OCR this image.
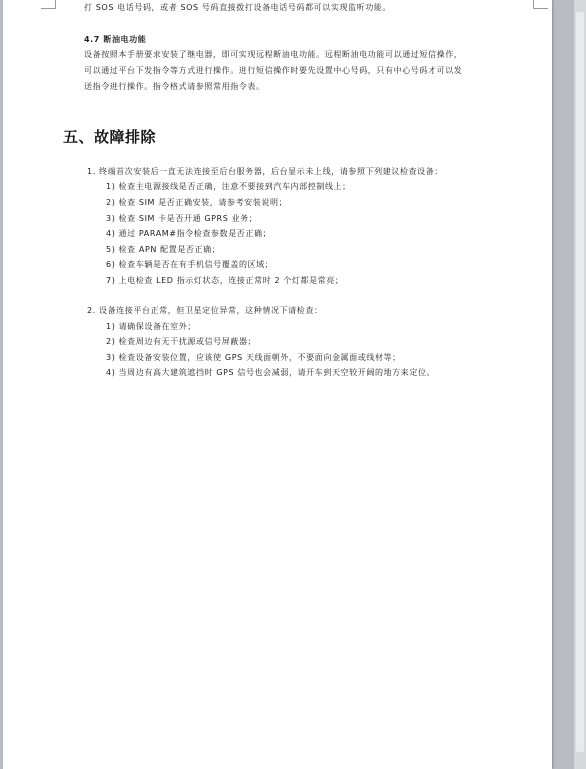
打 SOS 电话号码，或者 SOS 号码直接拨打设备电话号码都可以实现监听功能。
4.7 断油电功能
设备按照本手册要求安装了继电器，即可实现远程断油电功能。远程断油电功能可以通过短信操作，
可以通过平台下发指令等方式进行操作。进行短信操作时要先设置中心号码，只有中心号码才可以发
送指令进行操作。指令格式请参照常用指令表。
五、故障排除
1. 终端首次安装后一直无法连接至后台服务器，后台显示未上线，请参照下列建议检查设备：
1) 检查主电源接线是否正确，注意不要接到汽车内部控制线上；
2) 检查 SIM 是否正确安装，请参考安装说明；
3) 检查 SIM 卡是否开通 GPRS 业务；
4) 通过 PARAM#指令检查参数是否正确；
5) 检查 APN 配置是否正确；
6) 检查车辆是否在有手机信号覆盖的区域；
7) 上电检查 LED 指示灯状态，连接正常时 2 个灯都是常亮；
2. 设备连接平台正常，但卫星定位异常，这种情况下请检查：
1) 请确保设备在室外；
2) 检查周边有无干扰源或信号屏蔽器；
3) 检查设备安装位置，应该使 GPS 天线面朝外，不要面向金属面或线材等；
4) 当周边有高大建筑遮挡时 GPS 信号也会减弱，请开车到天空较开阔的地方来定位。
